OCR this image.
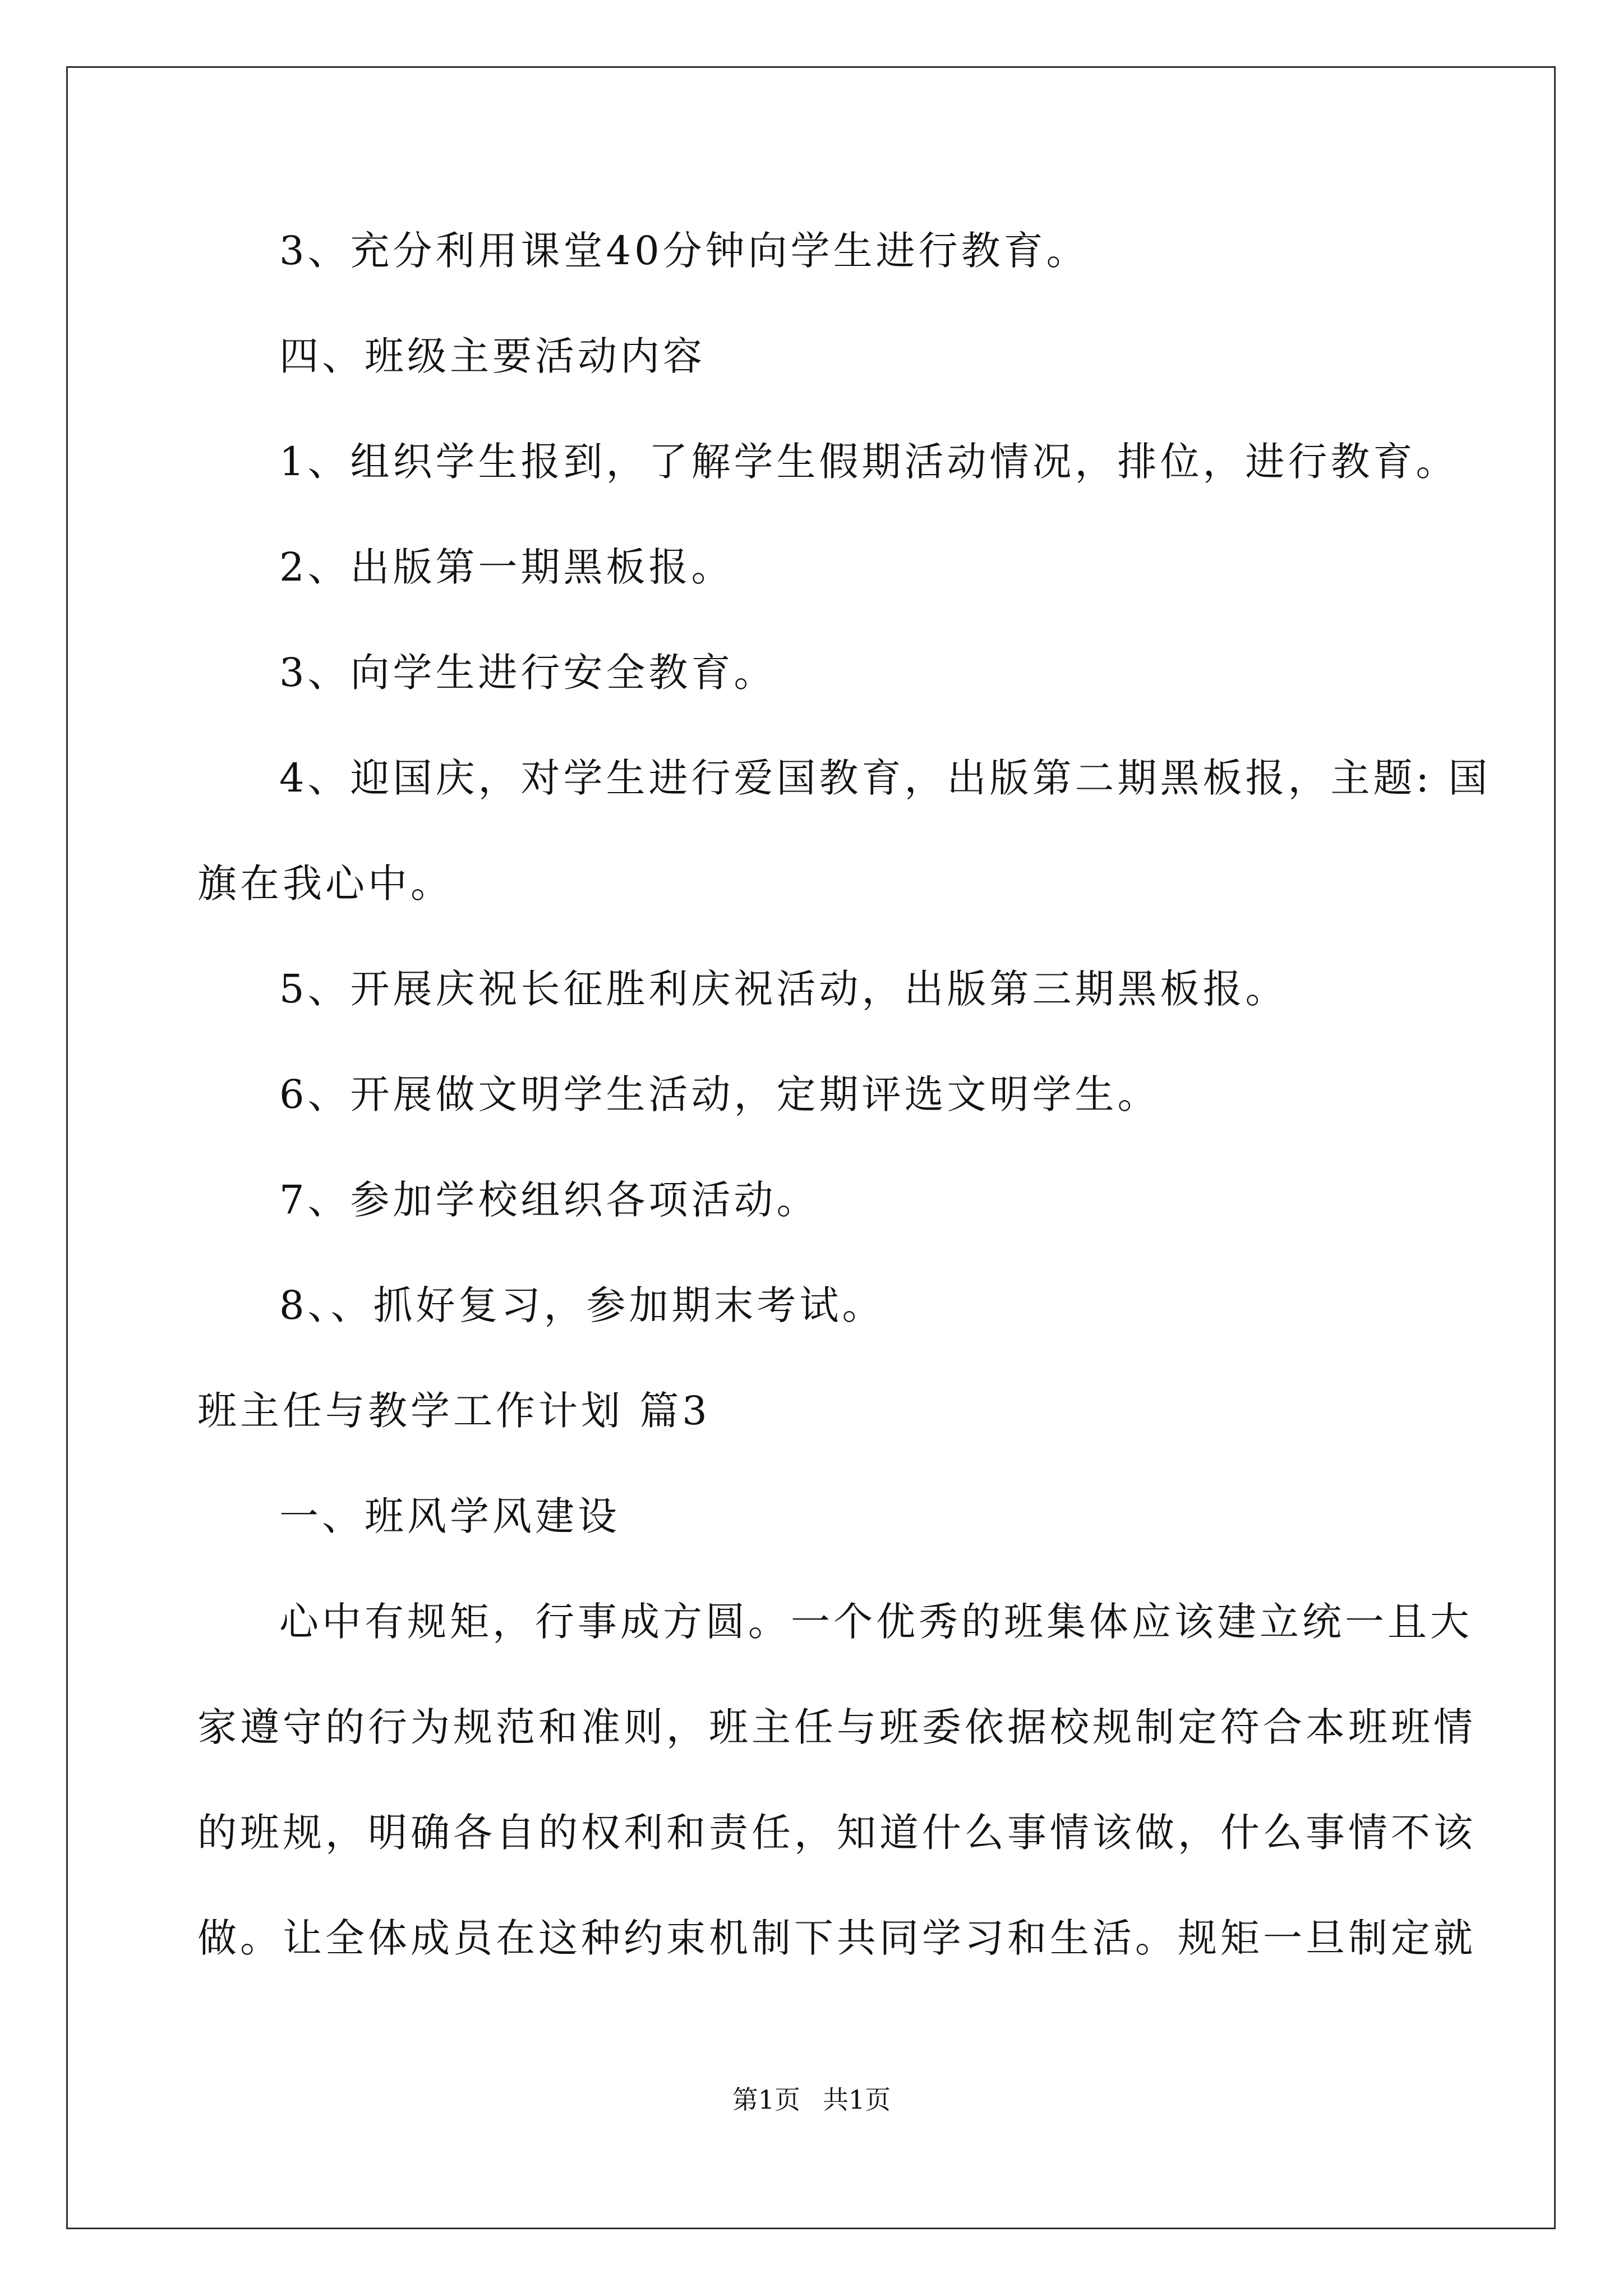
3、充分利用课堂40分钟向学生进行教育。
四、班级主要活动内容
1、组织学生报到，了解学生假期活动情况，排位，进行教育。
2、出版第一期黑板报。
3、向学生进行安全教育。
4、迎国庆，对学生进行爱国教育，出版第二期黑板报，主题: 国
旗在我心中。
5、开展庆祝长征胜利庆祝活动，出版第三期黑板报。
6、开展做文明学生活动，定期评选文明学生。
7、参加学校组织各项活动。
8、、抓好复习，参加期末考试。
班主任与教学工作计划 篇3
一、班风学风建设
心中有规矩，行事成方圆。一个优秀的班集体应该建立统一且大
家遵守的行为规范和准则，班主任与班委依据校规制定符合本班班情
的班规，明确各自的权利和责任，知道什么事情该做，什么事情不该
做。让全体成员在这种约束机制下共同学习和生活。规矩一旦制定就
第1页 共1页
